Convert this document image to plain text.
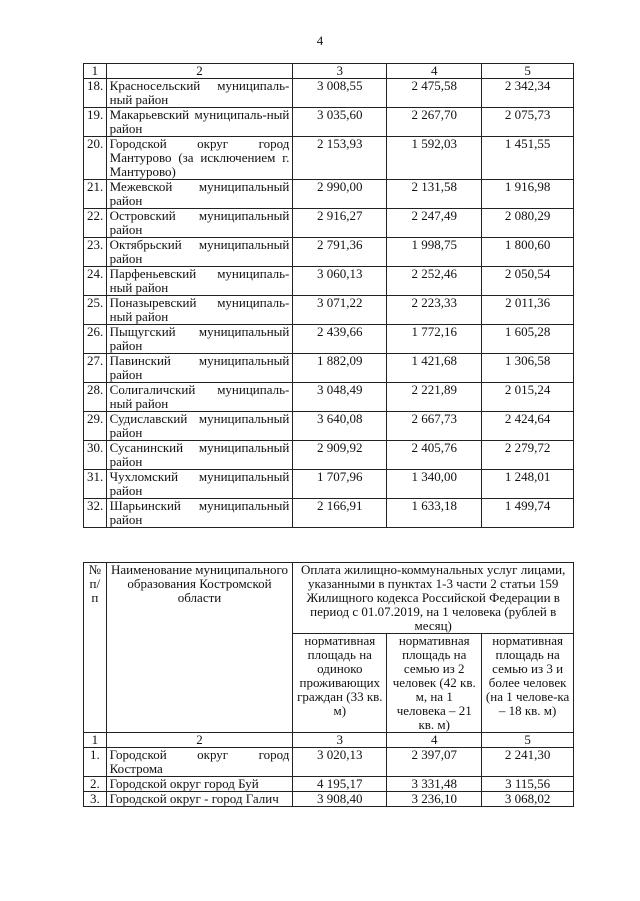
4
1	2	3	4	5
18.	Красносельский муниципаль-ный район	3 008,55	2 475,58	2 342,34
19.	Макарьевский муниципаль-ный район	3 035,60	2 267,70	2 075,73
20.	Городской округ город Мантурово (за исключением г. Мантурово)	2 153,93	1 592,03	1 451,55
21.	Межевской муниципальный район	2 990,00	2 131,58	1 916,98
22.	Островский муниципальный район	2 916,27	2 247,49	2 080,29
23.	Октябрьский муниципальный район	2 791,36	1 998,75	1 800,60
24.	Парфеньевский муниципаль-ный район	3 060,13	2 252,46	2 050,54
25.	Поназыревский муниципаль-ный район	3 071,22	2 223,33	2 011,36
26.	Пыщугский муниципальный район	2 439,66	1 772,16	1 605,28
27.	Павинский муниципальный район	1 882,09	1 421,68	1 306,58
28.	Солигаличский муниципаль-ный район	3 048,49	2 221,89	2 015,24
29.	Судиславский муниципальный район	3 640,08	2 667,73	2 424,64
30.	Сусанинский муниципальный район	2 909,92	2 405,76	2 279,72
31.	Чухломский муниципальный район	1 707,96	1 340,00	1 248,01
32.	Шарьинский муниципальный район	2 166,91	1 633,18	1 499,74
№ п/п	Наименование муниципального образования Костромской области	Оплата жилищно-коммунальных услуг лицами, указанными в пунктах 1-3 части 2 статьи 159 Жилищного кодекса Российской Федерации в период с 01.07.2019, на 1 человека (рублей в месяц)		
		нормативная площадь на одиноко проживающих граждан (33 кв. м)	нормативная площадь на семью из 2 человек (42 кв. м, на 1 человека – 21 кв. м)	нормативная площадь на семью из 3 и более человек (на 1 челове-ка – 18 кв. м)
1	2	3	4	5
1.	Городской округ город Кострома	3 020,13	2 397,07	2 241,30
2.	Городской округ город Буй	4 195,17	3 331,48	3 115,56
3.	Городской округ - город Галич	3 908,40	3 236,10	3 068,02
